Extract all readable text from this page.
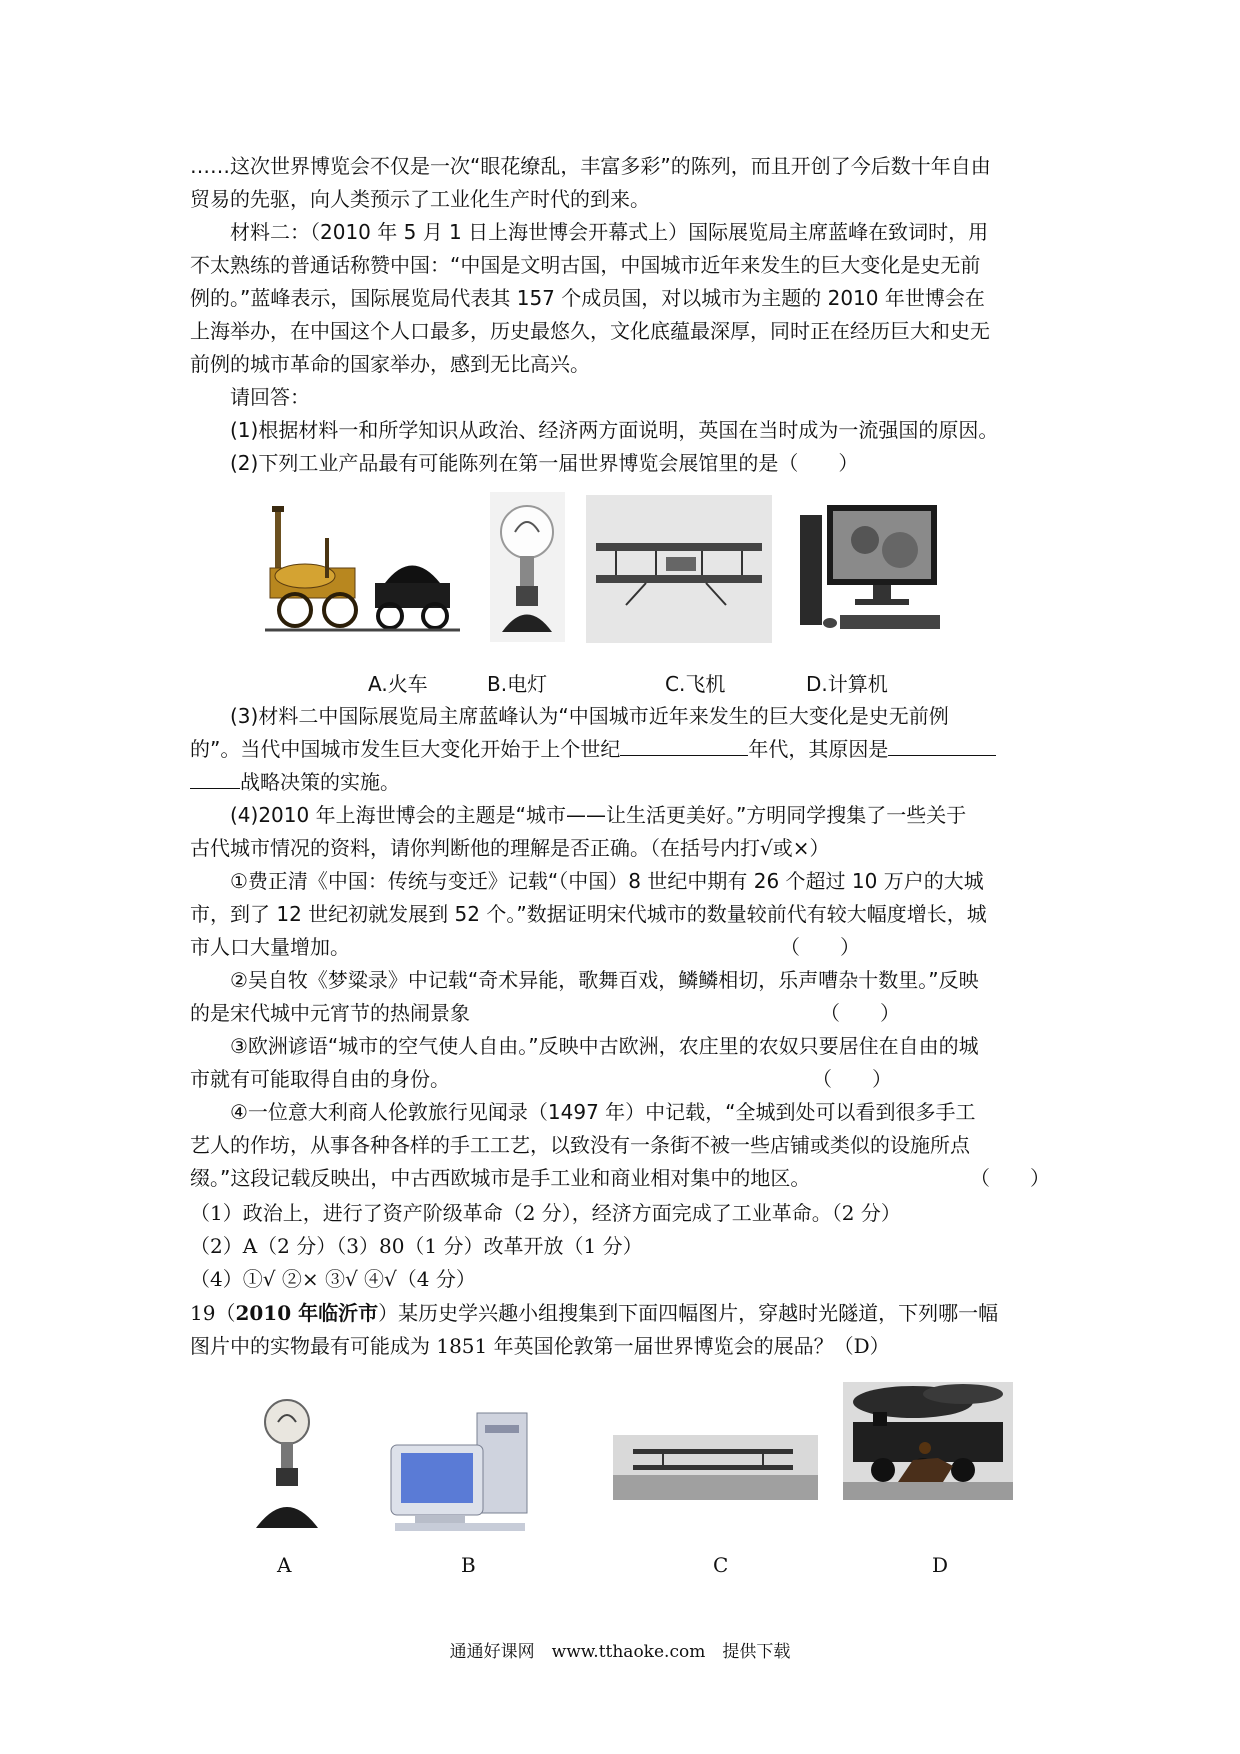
……这次世界博览会不仅是一次“眼花缭乱，丰富多彩”的陈列，而且开创了今后数十年自由

贸易的先驱，向人类预示了工业化生产时代的到来。

材料二：（2010 年 5 月 1 日上海世博会开幕式上）国际展览局主席蓝峰在致词时，用

不太熟练的普通话称赞中国：“中国是文明古国，中国城市近年来发生的巨大变化是史无前

例的。”蓝峰表示，国际展览局代表其 157 个成员国，对以城市为主题的 2010 年世博会在

上海举办，在中国这个人口最多，历史最悠久，文化底蕴最深厚，同时正在经历巨大和史无

前例的城市革命的国家举办，感到无比高兴。

请回答：

(1)根据材料一和所学知识从政治、经济两方面说明，英国在当时成为一流强国的原因。

(2)下列工业产品最有可能陈列在第一届世界博览会展馆里的是（　　）

A.火车	B.电灯	C.飞机	D.计算机

(3)材料二中国际展览局主席蓝峰认为“中国城市近年来发生的巨大变化是史无前例

的”。当代中国城市发生巨大变化开始于上个世纪	年代，其原因是

战略决策的实施。

(4)2010 年上海世博会的主题是“城市——让生活更美好。”方明同学搜集了一些关于

古代城市情况的资料，请你判断他的理解是否正确。（在括号内打√或×）

①费正清《中国：传统与变迁》记载“（中国）8 世纪中期有 26 个超过 10 万户的大城

市，到了 12 世纪初就发展到 52 个。”数据证明宋代城市的数量较前代有较大幅度增长，城

市人口大量增加。	（　　）

②吴自牧《梦粱录》中记载“奇术异能，歌舞百戏，鳞鳞相切，乐声嘈杂十数里。”反映

的是宋代城中元宵节的热闹景象	（　　）

③欧洲谚语“城市的空气使人自由。”反映中古欧洲，农庄里的农奴只要居住在自由的城

市就有可能取得自由的身份。	（　　）

④一位意大利商人伦敦旅行见闻录（1497 年）中记载，“全城到处可以看到很多手工

艺人的作坊，从事各种各样的手工工艺，以致没有一条街不被一些店铺或类似的设施所点

缀。”这段记载反映出，中古西欧城市是手工业和商业相对集中的地区。	（　　）

（1）政治上，进行了资产阶级革命（2 分），经济方面完成了工业革命。（2 分）

（2）A（2 分）（3）80（1 分）改革开放（1 分）

（4）①√ ②× ③√ ④√（4 分）

19（2010 年临沂市）某历史学兴趣小组搜集到下面四幅图片，穿越时光隧道，下列哪一幅

图片中的实物最有可能成为 1851 年英国伦敦第一届世界博览会的展品？（D）

A	B	C	D
通通好课网　www.tthaoke.com　提供下载
